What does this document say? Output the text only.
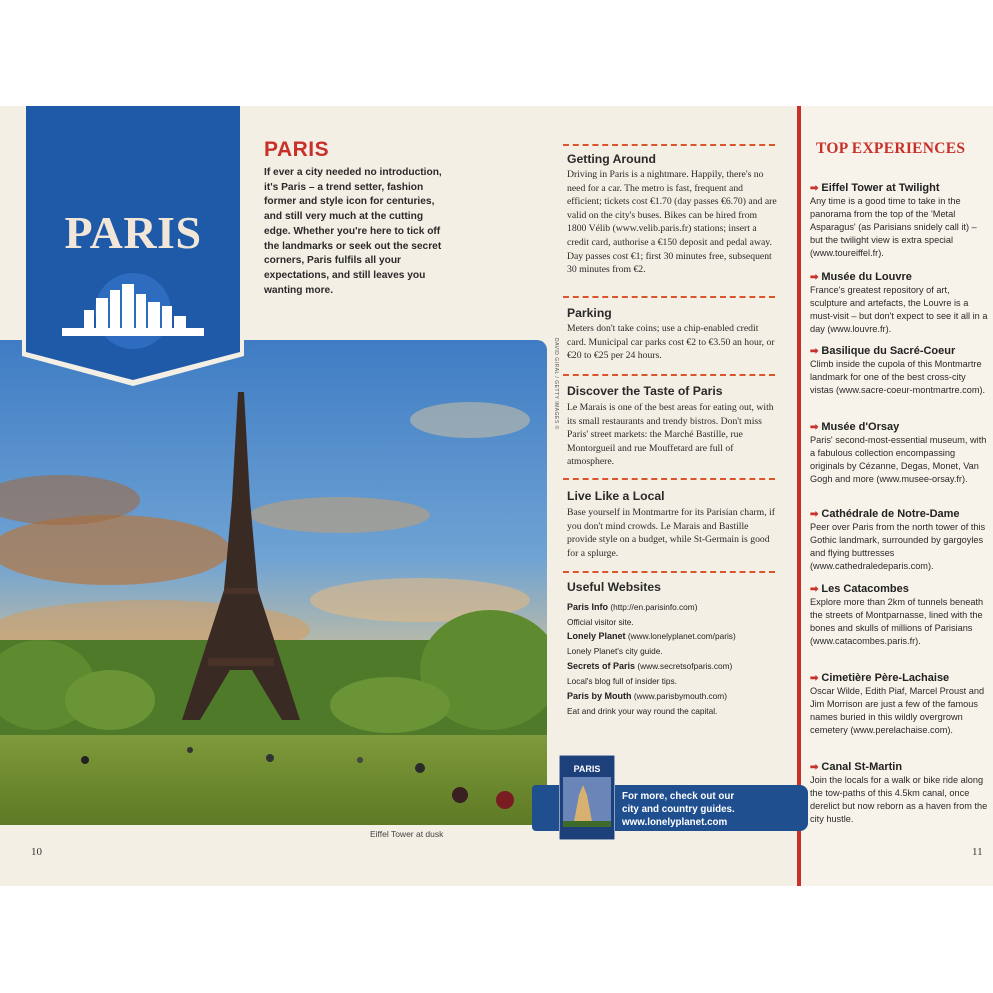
DAVID GIRAL / GETTY IMAGES ©
Eiffel Tower at dusk
PARIS
PARIS
If ever a city needed no introduction, it's Paris – a trend setter, fashion former and style icon for centuries, and still very much at the cutting edge. Whether you're here to tick off the landmarks or seek out the secret corners, Paris fulfils all your expectations, and still leaves you wanting more.
Getting Around
Driving in Paris is a nightmare. Happily, there's no need for a car. The metro is fast, frequent and efficient; tickets cost €1.70 (day passes €6.70) and are valid on the city's buses. Bikes can be hired from 1800 Vélib (www.velib.paris.fr) stations; insert a credit card, authorise a €150 deposit and pedal away. Day passes cost €1; first 30 minutes free, subsequent 30 minutes from €2.
Parking
Meters don't take coins; use a chip-enabled credit card. Municipal car parks cost €2 to €3.50 an hour, or €20 to €25 per 24 hours.
Discover the Taste of Paris
Le Marais is one of the best areas for eating out, with its small restaurants and trendy bistros. Don't miss Paris' street markets: the Marché Bastille, rue Montorgueil and rue Mouffetard are full of atmosphere.
Live Like a Local
Base yourself in Montmartre for its Parisian charm, if you don't mind crowds. Le Marais and Bastille provide style on a budget, while St-Germain is good for a splurge.
Useful Websites
Paris Info (http://en.parisinfo.com)
Official visitor site.
Lonely Planet (www.lonelyplanet.com/paris)
Lonely Planet's city guide.
Secrets of Paris (www.secretsofparis.com)
Local's blog full of insider tips.
Paris by Mouth (www.parisbymouth.com)
Eat and drink your way round the capital.
PARIS
For more, check out our
city and country guides.
www.lonelyplanet.com
TOP EXPERIENCES
➡ Eiffel Tower at Twilight
Any time is a good time to take in the panorama from the top of the 'Metal Asparagus' (as Parisians snidely call it) – but the twilight view is extra special (www.toureiffel.fr).
➡ Musée du Louvre
France's greatest repository of art, sculpture and artefacts, the Louvre is a must-visit – but don't expect to see it all in a day (www.louvre.fr).
➡ Basilique du Sacré-Coeur
Climb inside the cupola of this Montmartre landmark for one of the best cross-city vistas (www.sacre-coeur-montmartre.com).
➡ Musée d'Orsay
Paris' second-most-essential museum, with a fabulous collection encompassing originals by Cézanne, Degas, Monet, Van Gogh and more (www.musee-orsay.fr).
➡ Cathédrale de Notre-Dame
Peer over Paris from the north tower of this Gothic landmark, surrounded by gargoyles and flying buttresses (www.cathedraledeparis.com).
➡ Les Catacombes
Explore more than 2km of tunnels beneath the streets of Montparnasse, lined with the bones and skulls of millions of Parisians (www.catacombes.paris.fr).
➡ Cimetière Père-Lachaise
Oscar Wilde, Edith Piaf, Marcel Proust and Jim Morrison are just a few of the famous names buried in this wildly overgrown cemetery (www.perelachaise.com).
➡ Canal St-Martin
Join the locals for a walk or bike ride along the tow-paths of this 4.5km canal, once derelict but now reborn as a haven from the city hustle.
10	11
